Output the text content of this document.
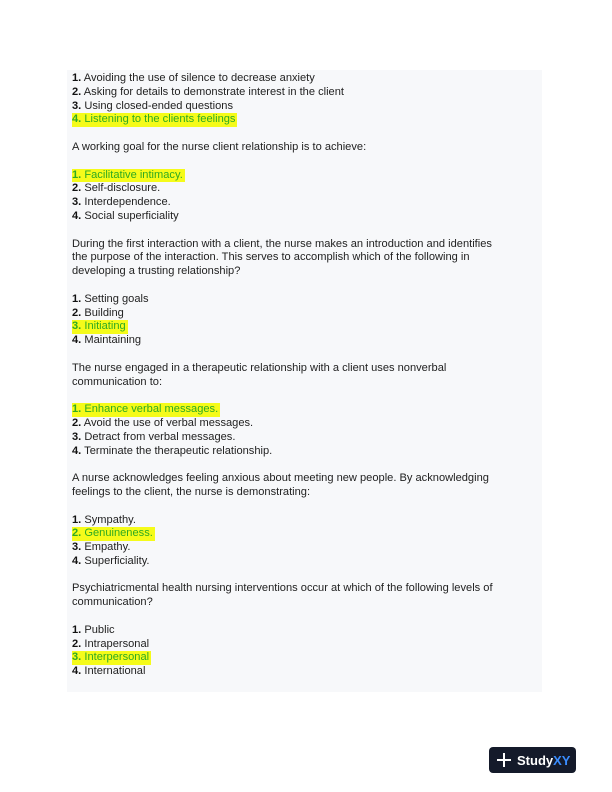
1. Avoiding the use of silence to decrease anxiety
2. Asking for details to demonstrate interest in the client
3. Using closed-ended questions
4. Listening to the clients feelings
A working goal for the nurse client relationship is to achieve:
1. Facilitative intimacy.
2. Self-disclosure.
3. Interdependence.
4. Social superficiality
During the first interaction with a client, the nurse makes an introduction and identifies
the purpose of the interaction. This serves to accomplish which of the following in
developing a trusting relationship?
1. Setting goals
2. Building
3. Initiating
4. Maintaining
The nurse engaged in a therapeutic relationship with a client uses nonverbal
communication to:
1. Enhance verbal messages.
2. Avoid the use of verbal messages.
3. Detract from verbal messages.
4. Terminate the therapeutic relationship.
A nurse acknowledges feeling anxious about meeting new people. By acknowledging
feelings to the client, the nurse is demonstrating:
1. Sympathy.
2. Genuineness.
3. Empathy.
4. Superficiality.
Psychiatricmental health nursing interventions occur at which of the following levels of
communication?
1. Public
2. Intrapersonal
3. Interpersonal
4. International
Study XY
